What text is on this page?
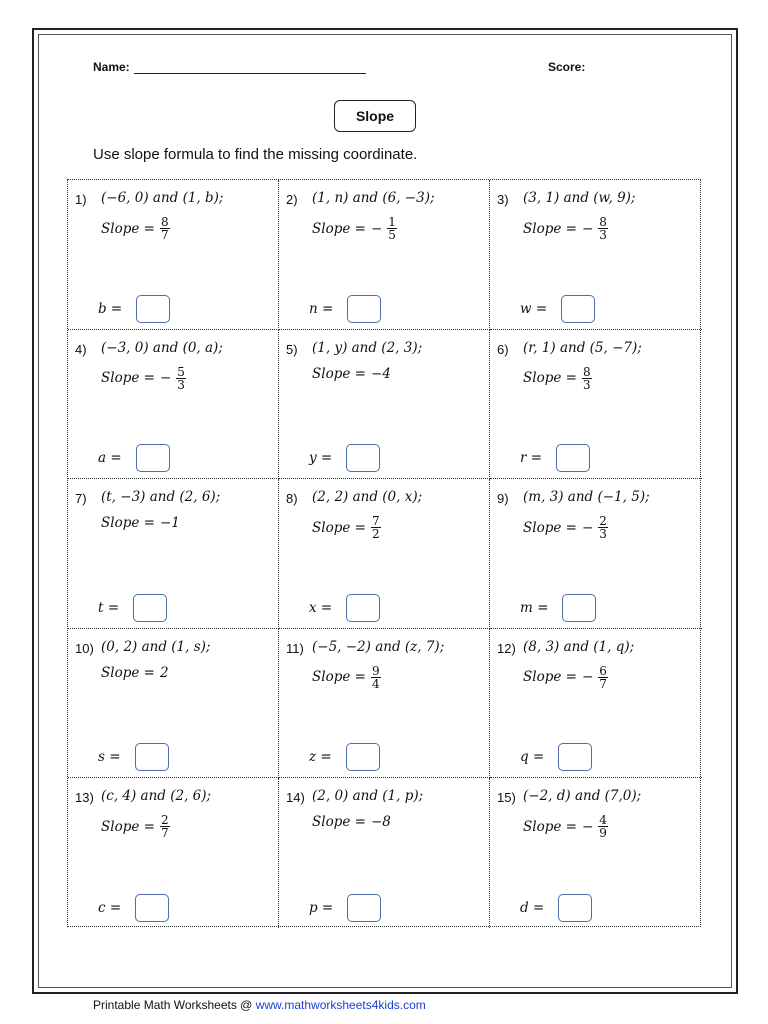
Name:	Score:
Slope
Use slope formula to find the missing coordinate.
1) (−6, 0) and (1, b);
Slope = $\frac{8}{7}$
b =
2) (1, n) and (6, −3);
Slope = − $\frac{1}{5}$
n =
3) (3, 1) and (w, 9);
Slope = − $\frac{8}{3}$
w =
4) (−3, 0) and (0, a);
Slope = − $\frac{5}{3}$
a =
5) (1, y) and (2, 3);
Slope = −4
y =
6) (r, 1) and (5, −7);
Slope = $\frac{8}{3}$
r =
7) (t, −3) and (2, 6);
Slope = −1
t =
8) (2, 2) and (0, x);
Slope = $\frac{7}{2}$
x =
9) (m, 3) and (−1, 5);
Slope = − $\frac{2}{3}$
m =
10) (0, 2) and (1, s);
Slope = 2
s =
11) (−5, −2) and (z, 7);
Slope = $\frac{9}{4}$
z =
12) (8, 3) and (1, q);
Slope = − $\frac{6}{7}$
q =
13) (c, 4) and (2, 6);
Slope = $\frac{2}{7}$
c =
14) (2, 0) and (1, p);
Slope = −8
p =
15) (−2, d) and (7,0);
Slope = − $\frac{4}{9}$
d =
Printable Math Worksheets @ www.mathworksheets4kids.com
